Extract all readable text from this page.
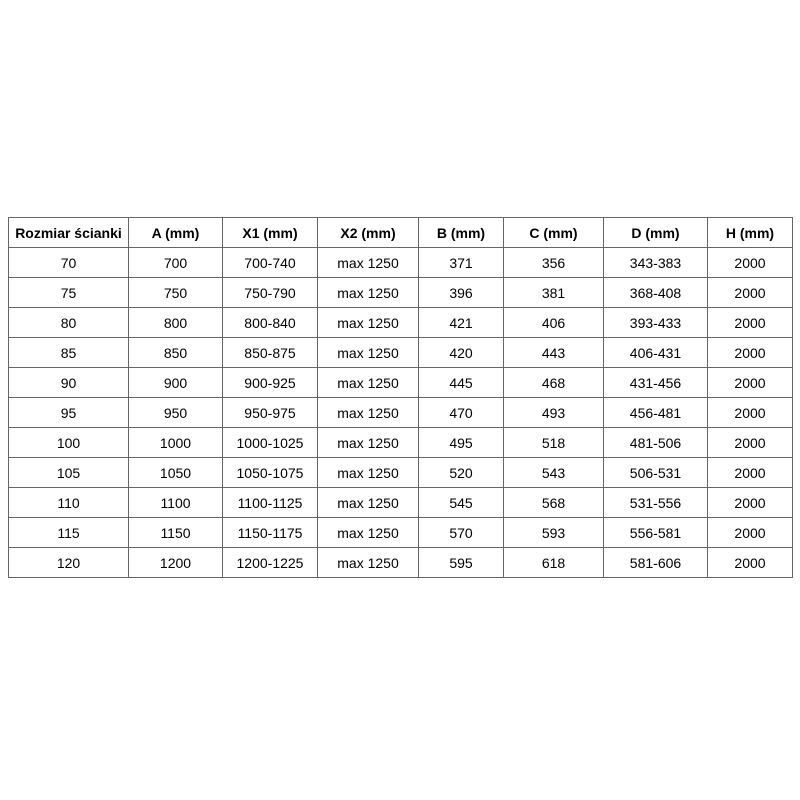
Rozmiar ścianki	A (mm)	X1 (mm)	X2 (mm)	B (mm)	C (mm)	D (mm)	H (mm)
70	700	700-740	max 1250	371	356	343-383	2000
75	750	750-790	max 1250	396	381	368-408	2000
80	800	800-840	max 1250	421	406	393-433	2000
85	850	850-875	max 1250	420	443	406-431	2000
90	900	900-925	max 1250	445	468	431-456	2000
95	950	950-975	max 1250	470	493	456-481	2000
100	1000	1000-1025	max 1250	495	518	481-506	2000
105	1050	1050-1075	max 1250	520	543	506-531	2000
110	1100	1100-1125	max 1250	545	568	531-556	2000
115	1150	1150-1175	max 1250	570	593	556-581	2000
120	1200	1200-1225	max 1250	595	618	581-606	2000
